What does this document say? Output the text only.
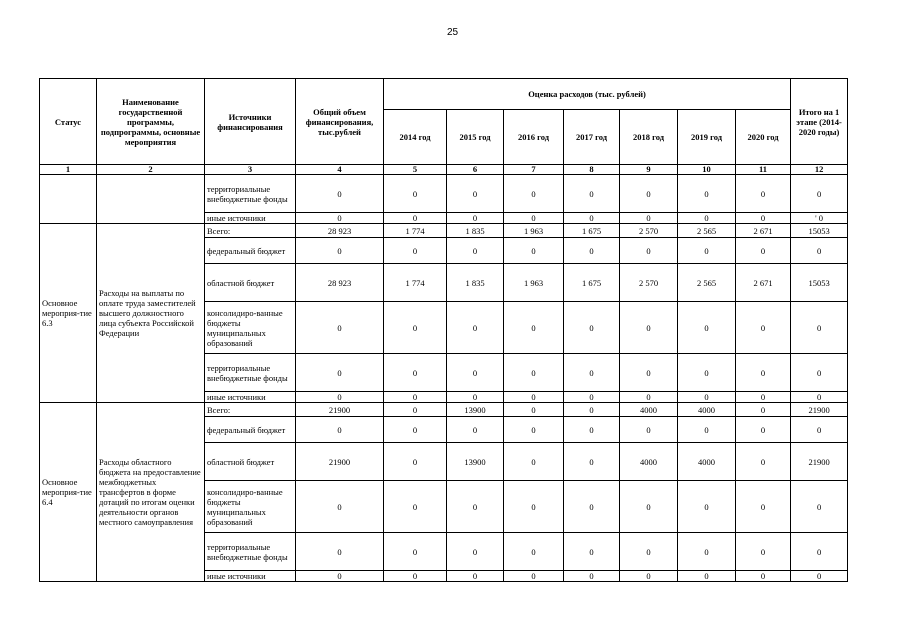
25
Статус	Наименование государственной программы, подпрограммы, основные мероприятия	Источники финансирования	Общий объем финансирования, тыс.рублей	Оценка расходов (тыс. рублей)							Итого на 1 этапе (2014-2020 годы)
				2014 год	2015 год	2016 год	2017 год	2018 год	2019 год	2020 год	
1	2	3	4	5	6	7	8	9	10	11	12
		территориальные внебюджетные фонды	0	0	0	0	0	0	0	0	0
		иные источники	0	0	0	0	0	0	0	0	' 0
Основное мероприя-тие 6.3	Расходы на выплаты по оплате труда заместителей высшего должностного лица субъекта Российской Федерации	Всего:	28 923	1 774	1 835	1 963	1 675	2 570	2 565	2 671	15053
		федеральный бюджет	0	0	0	0	0	0	0	0	0
		областной бюджет	28 923	1 774	1 835	1 963	1 675	2 570	2 565	2 671	15053
		консолидиро-ванные бюджеты муниципальных образований	0	0	0	0	0	0	0	0	0
		территориальные внебюджетные фонды	0	0	0	0	0	0	0	0	0
		иные источники	0	0	0	0	0	0	0	0	0
Основное мероприя-тие 6.4	Расходы областного бюджета на предоставление межбюджетных трансфертов в форме дотаций по итогам оценки деятельности органов местного самоуправления	Всего:	21900	0	13900	0	0	4000	4000	0	21900
		федеральный бюджет	0	0	0	0	0	0	0	0	0
		областной бюджет	21900	0	13900	0	0	4000	4000	0	21900
		консолидиро-ванные бюджеты муниципальных образований	0	0	0	0	0	0	0	0	0
		территориальные внебюджетные фонды	0	0	0	0	0	0	0	0	0
		иные источники	0	0	0	0	0	0	0	0	0
